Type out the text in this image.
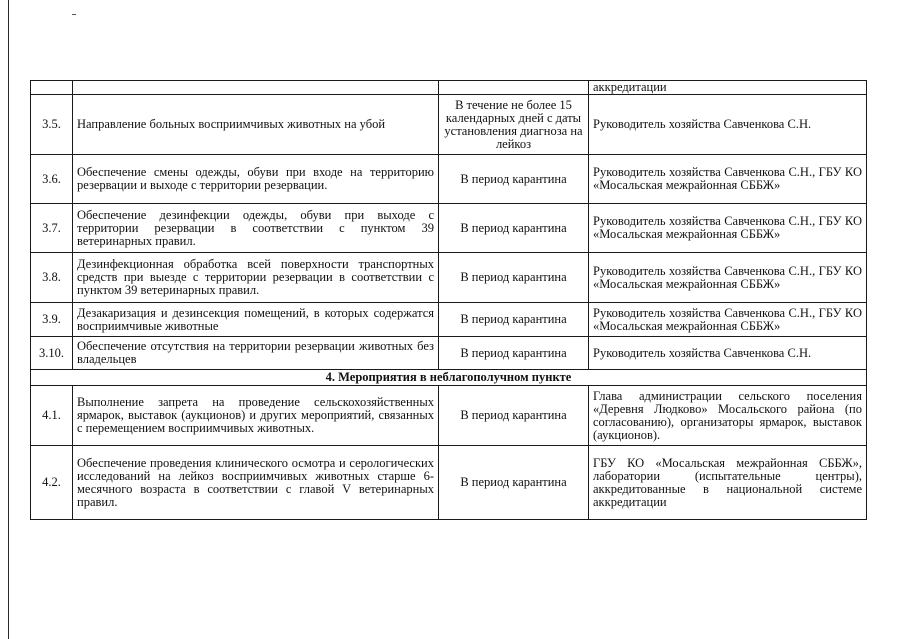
			аккредитации
3.5.	Направление больных восприимчивых животных на убой	В течение не более 15 календарных дней с даты установления диагноза на лейкоз	Руководитель хозяйства Савченкова С.Н.
3.6.	Обеспечение смены одежды, обуви при входе на территорию резервации и выходе с территории резервации.	В период карантина	Руководитель хозяйства Савченкова С.Н., ГБУ КО «Мосальская межрайонная СББЖ»
3.7.	Обеспечение дезинфекции одежды, обуви при выходе с территории резервации в соответствии с пунктом 39 ветеринарных правил.	В период карантина	Руководитель хозяйства Савченкова С.Н., ГБУ КО «Мосальская межрайонная СББЖ»
3.8.	Дезинфекционная обработка всей поверхности транспортных средств при выезде с территории резервации в соответствии с пунктом 39 ветеринарных правил.	В период карантина	Руководитель хозяйства Савченкова С.Н., ГБУ КО «Мосальская межрайонная СББЖ»
3.9.	Дезакаризация и дезинсекция помещений, в которых содержатся восприимчивые животные	В период карантина	Руководитель хозяйства Савченкова С.Н., ГБУ КО «Мосальская межрайонная СББЖ»
3.10.	Обеспечение отсутствия на территории резервации животных без владельцев	В период карантина	Руководитель хозяйства Савченкова С.Н.
4. Мероприятия в неблагополучном пункте			
4.1.	Выполнение запрета на проведение сельскохозяйственных ярмарок, выставок (аукционов) и других мероприятий, связанных с перемещением восприимчивых животных.	В период карантина	Глава администрации сельского поселения «Деревня Людково» Мосальского района (по согласованию), организаторы ярмарок, выставок (аукционов).
4.2.	Обеспечение проведения клинического осмотра и серологических исследований на лейкоз восприимчивых животных старше 6-месячного возраста в соответствии с главой V ветеринарных правил.	В период карантина	ГБУ КО «Мосальская межрайонная СББЖ», лаборатории (испытательные центры), аккредитованные в национальной системе аккредитации
